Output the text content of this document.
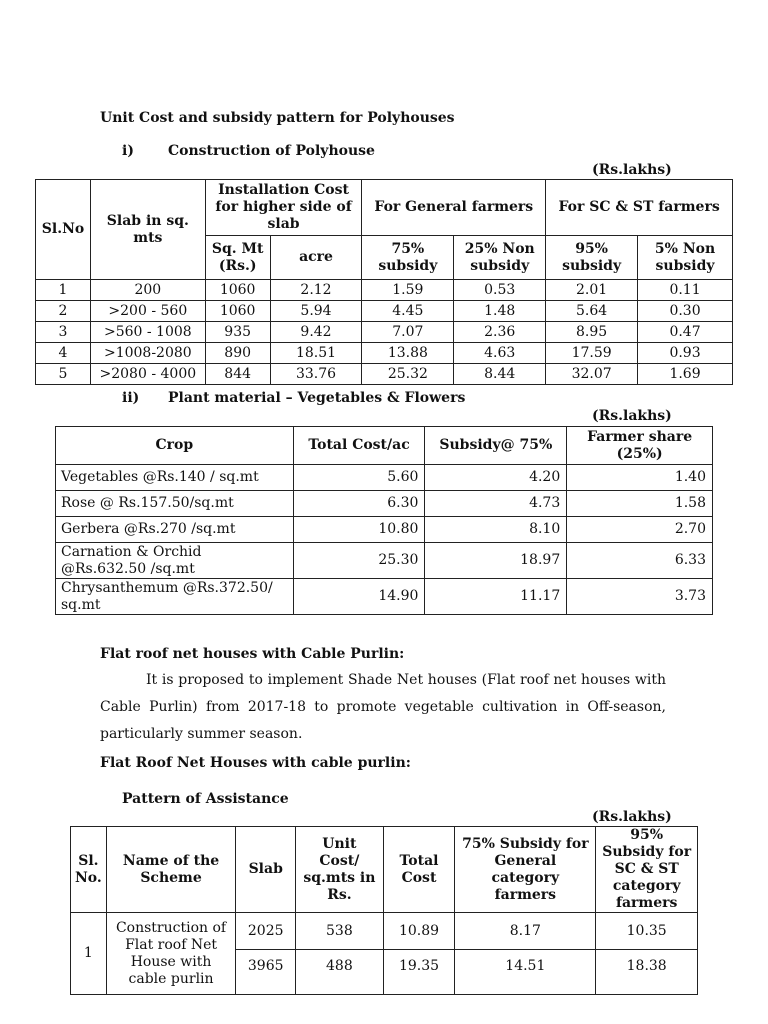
Unit Cost and subsidy pattern for Polyhouses
i) Construction of Polyhouse
(Rs.lakhs)
Sl.No	Slab in sq. mts	Installation Cost for higher side of slab		For General farmers		For SC & ST farmers	
		Sq. Mt (Rs.)	acre	75% subsidy	25% Non subsidy	95% subsidy	5% Non subsidy
1	200	1060	2.12	1.59	0.53	2.01	0.11
2	>200 - 560	1060	5.94	4.45	1.48	5.64	0.30
3	>560 - 1008	935	9.42	7.07	2.36	8.95	0.47
4	>1008-2080	890	18.51	13.88	4.63	17.59	0.93
5	>2080 - 4000	844	33.76	25.32	8.44	32.07	1.69
ii) Plant material – Vegetables & Flowers
(Rs.lakhs)
Crop	Total Cost/ac	Subsidy@ 75%	Farmer share (25%)
Vegetables @Rs.140 / sq.mt	5.60	4.20	1.40
Rose @ Rs.157.50/sq.mt	6.30	4.73	1.58
Gerbera @Rs.270 /sq.mt	10.80	8.10	2.70
Carnation & Orchid @Rs.632.50 /sq.mt	25.30	18.97	6.33
Chrysanthemum @Rs.372.50/ sq.mt	14.90	11.17	3.73
Flat roof net houses with Cable Purlin:
It is proposed to implement Shade Net houses (Flat roof net houses with Cable Purlin) from 2017-18 to promote vegetable cultivation in Off-season, particularly summer season.
Flat Roof Net Houses with cable purlin:
Pattern of Assistance
(Rs.lakhs)
Sl. No.	Name of the Scheme	Slab	Unit Cost/ sq.mts in Rs.	Total Cost	75% Subsidy for General category farmers	95% Subsidy for SC & ST category farmers
1	Construction of Flat roof Net House with cable purlin	2025	538	10.89	8.17	10.35
		3965	488	19.35	14.51	18.38
